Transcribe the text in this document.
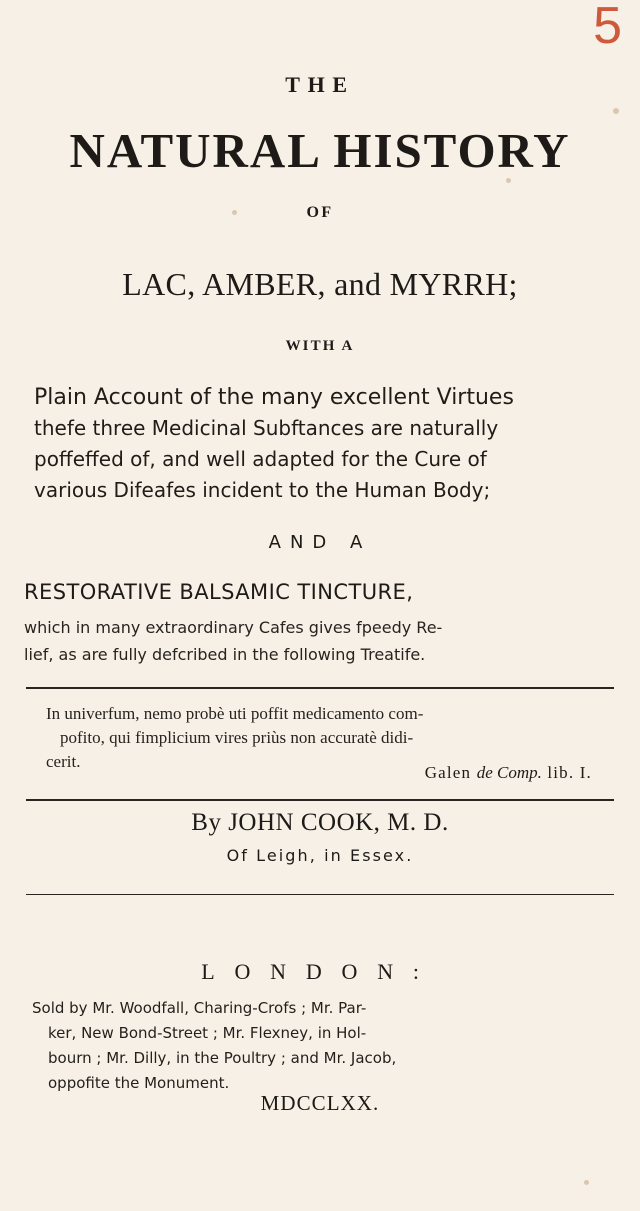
5
THE
NATURAL HISTORY
OF
LAC, AMBER, and MYRRH;
WITH A
Plain Account of the many excellent Virtues
thefe three Medicinal Subftances are naturally
poffeffed of, and well adapted for the Cure of
various Difeafes incident to the Human Body;
AND A
RESTORATIVE BALSAMIC TINCTURE,
which in many extraordinary Cafes gives fpeedy Re-
lief, as are fully defcribed in the following Treatife.
In univerfum, nemo probè uti poffit medicamento com-
pofito, qui fimplicium vires priùs non accuratè didi-
cerit.
Galen de Comp. lib. I.
By JOHN COOK, M. D.
Of Leigh, in Essex.
LONDON:
Sold by Mr. Woodfall, Charing-Crofs ; Mr. Par-
ker, New Bond-Street ; Mr. Flexney, in Hol-
bourn ; Mr. Dilly, in the Poultry ; and Mr. Jacob,
oppofite the Monument.
MDCCLXX.
